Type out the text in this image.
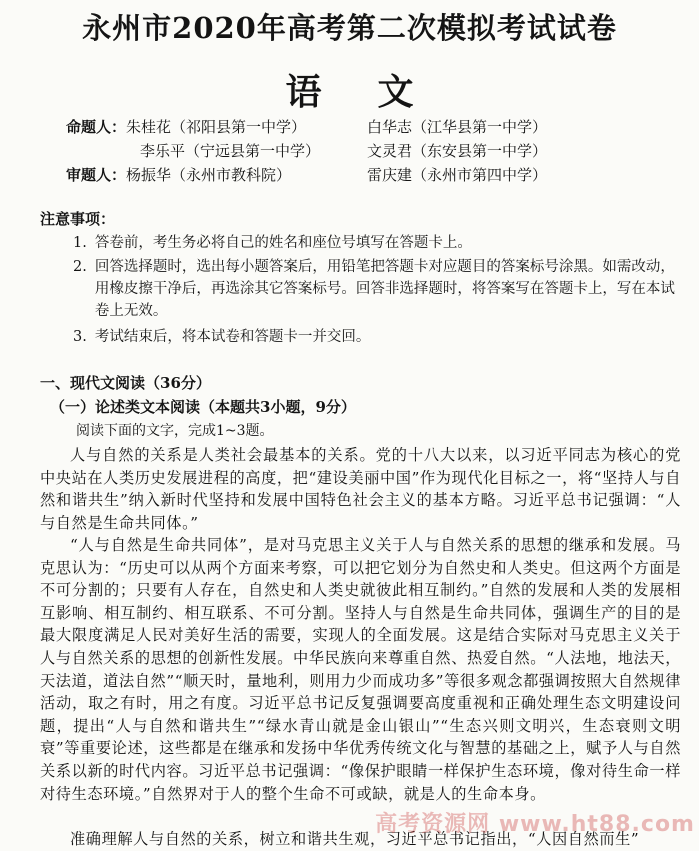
永州市2020年高考第二次模拟考试试卷
语文
命题人：朱桂花（祁阳县第一中学）	白华志（江华县第一中学）
李乐平（宁远县第一中学）	文灵君（东安县第一中学）
审题人：杨振华（永州市教科院）	雷庆建（永州市第四中学）
注意事项：
1. 答卷前，考生务必将自己的姓名和座位号填写在答题卡上。
2. 回答选择题时，选出每小题答案后，用铅笔把答题卡对应题目的答案标号涂黑。如需改动，用橡皮擦干净后，再选涂其它答案标号。回答非选择题时，将答案写在答题卡上，写在本试卷上无效。
3. 考试结束后，将本试卷和答题卡一并交回。
一、现代文阅读（36分）
（一）论述类文本阅读（本题共3小题，9分）
阅读下面的文字，完成1~3题。
人与自然的关系是人类社会最基本的关系。党的十八大以来，以习近平同志为核心的党中央站在人类历史发展进程的高度，把“建设美丽中国”作为现代化目标之一，将“坚持人与自然和谐共生”纳入新时代坚持和发展中国特色社会主义的基本方略。习近平总书记强调：“人与自然是生命共同体。”
“人与自然是生命共同体”，是对马克思主义关于人与自然关系的思想的继承和发展。马克思认为：“历史可以从两个方面来考察，可以把它划分为自然史和人类史。但这两个方面是不可分割的；只要有人存在，自然史和人类史就彼此相互制约。”自然的发展和人类的发展相互影响、相互制约、相互联系、不可分割。坚持人与自然是生命共同体，强调生产的目的是最大限度满足人民对美好生活的需要，实现人的全面发展。这是结合实际对马克思主义关于人与自然关系的思想的创新性发展。中华民族向来尊重自然、热爱自然。“人法地，地法天，天法道，道法自然”“顺天时，量地利，则用力少而成功多”等很多观念都强调按照大自然规律活动，取之有时，用之有度。习近平总书记反复强调要高度重视和正确处理生态文明建设问题，提出“人与自然和谐共生”“绿水青山就是金山银山”“生态兴则文明兴，生态衰则文明衰”等重要论述，这些都是在继承和发扬中华优秀传统文化与智慧的基础之上，赋予人与自然关系以新的时代内容。习近平总书记强调：“像保护眼睛一样保护生态环境，像对待生命一样对待生态环境。”自然界对于人的整个生命不可或缺，就是人的生命本身。
准确理解人与自然的关系，树立和谐共生观，习近平总书记指出，“人因自然而生”
高考资源网 www.ht88.com
